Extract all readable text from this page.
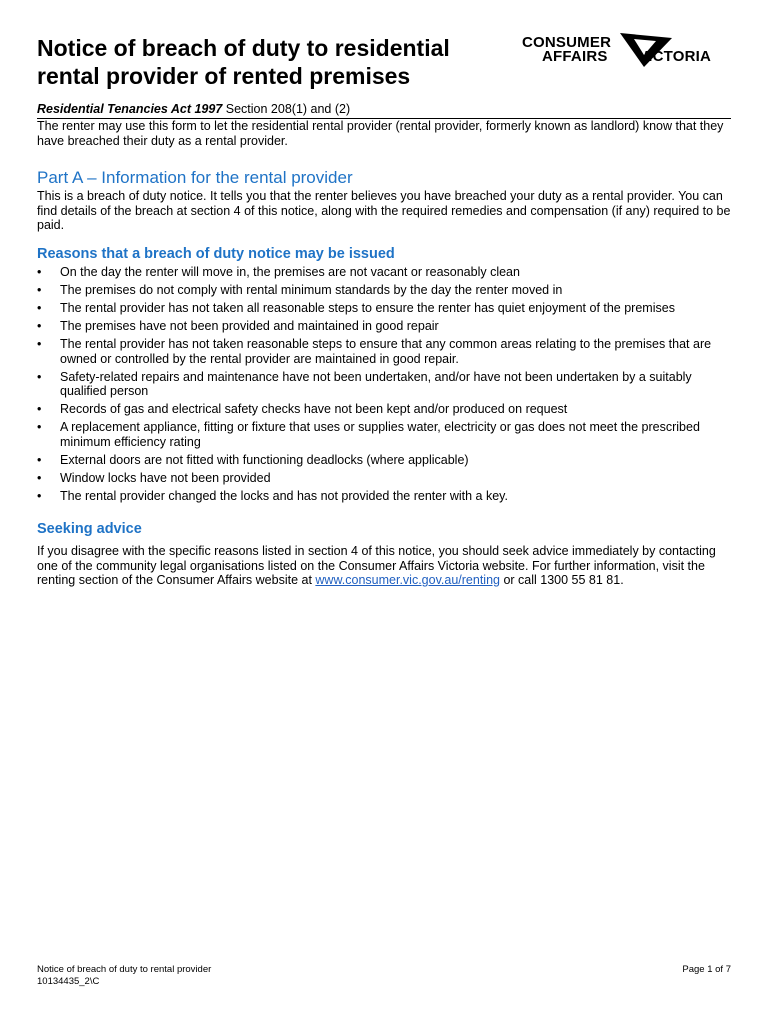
Notice of breach of duty to residential
rental provider of rented premises
CONSUMER
AFFAIRS VICTORIA
Residential Tenancies Act 1997 Section 208(1) and (2)

The renter may use this form to let the residential rental provider (rental provider, formerly known as landlord) know that they have breached their duty as a rental provider.

Part A – Information for the rental provider

This is a breach of duty notice. It tells you that the renter believes you have breached your duty as a rental provider. You can find details of the breach at section 4 of this notice, along with the required remedies and compensation (if any) required to be paid.

Reasons that a breach of duty notice may be issued
• On the day the renter will move in, the premises are not vacant or reasonably clean
• The premises do not comply with rental minimum standards by the day the renter moved in
• The rental provider has not taken all reasonable steps to ensure the renter has quiet enjoyment of the premises
• The premises have not been provided and maintained in good repair
• The rental provider has not taken reasonable steps to ensure that any common areas relating to the premises that are owned or controlled by the rental provider are maintained in good repair.
• Safety-related repairs and maintenance have not been undertaken, and/or have not been undertaken by a suitably qualified person
• Records of gas and electrical safety checks have not been kept and/or produced on request
• A replacement appliance, fitting or fixture that uses or supplies water, electricity or gas does not meet the prescribed minimum efficiency rating
• External doors are not fitted with functioning deadlocks (where applicable)
• Window locks have not been provided
• The rental provider changed the locks and has not provided the renter with a key.
Seeking advice

If you disagree with the specific reasons listed in section 4 of this notice, you should seek advice immediately by contacting one of the community legal organisations listed on the Consumer Affairs Victoria website. For further information, visit the renting section of the Consumer Affairs website at www.consumer.vic.gov.au/renting or call 1300 55 81 81.

Notice of breach of duty to rental provider
10134435_2\C
Page 1 of 7
